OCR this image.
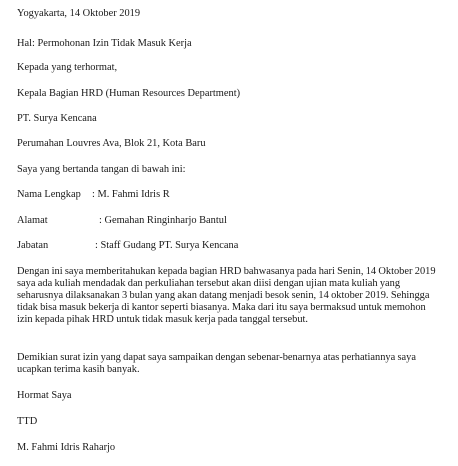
Yogyakarta, 14 Oktober 2019
Hal: Permohonan Izin Tidak Masuk Kerja
Kepada yang terhormat,
Kepala Bagian HRD (Human Resources Department)
PT. Surya Kencana
Perumahan Louvres Ava, Blok 21, Kota Baru
Saya yang bertanda tangan di bawah ini:
Nama Lengkap : M. Fahmi Idris R
Alamat	: Gemahan Ringinharjo Bantul
Jabatan	: Staff Gudang PT. Surya Kencana
Dengan ini saya memberitahukan kepada bagian HRD bahwasanya pada hari Senin, 14 Oktober 2019 saya ada kuliah mendadak dan perkuliahan tersebut akan diisi dengan ujian mata kuliah yang seharusnya dilaksanakan 3 bulan yang akan datang menjadi besok senin, 14 oktober 2019. Sehingga tidak bisa masuk bekerja di kantor seperti biasanya. Maka dari itu saya bermaksud untuk memohon izin kepada pihak HRD untuk tidak masuk kerja pada tanggal tersebut.
Demikian surat izin yang dapat saya sampaikan dengan sebenar-benarnya atas perhatiannya saya ucapkan terima kasih banyak.
Hormat Saya
TTD
M. Fahmi Idris Raharjo
